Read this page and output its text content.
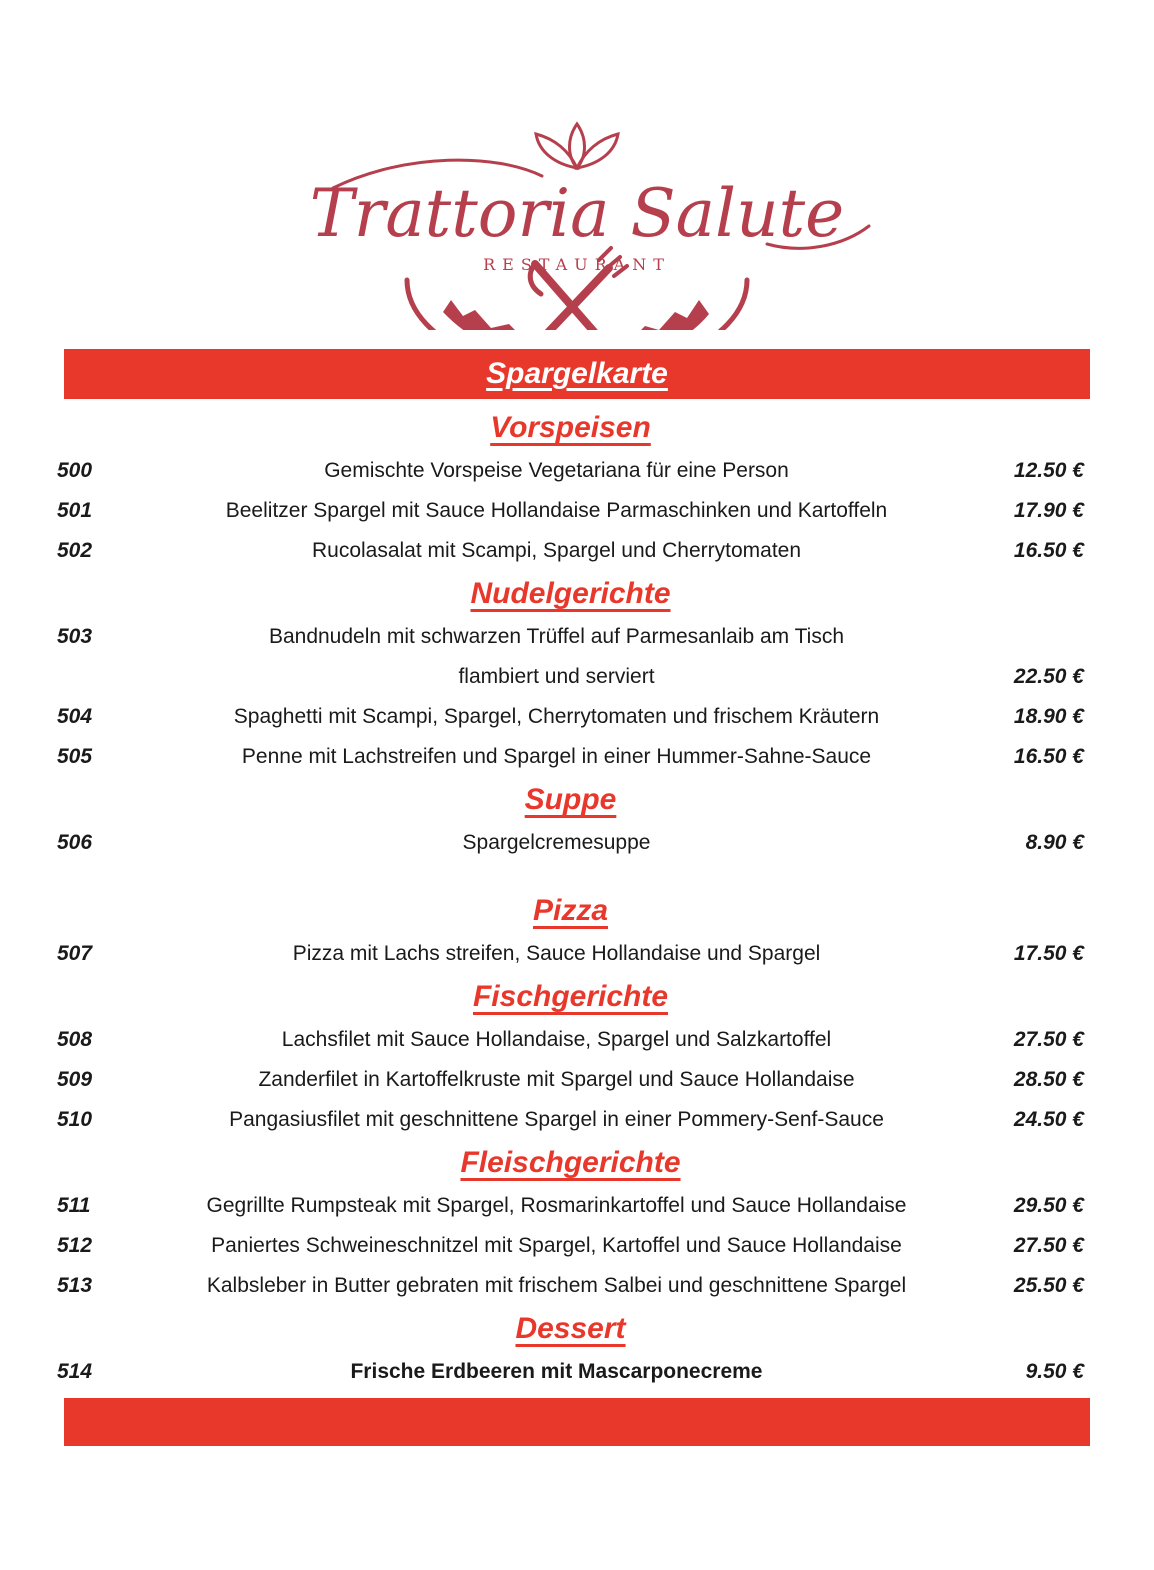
Trattoria Salute
RESTAURANT
Spargelkarte
Vorspeisen
500	Gemischte Vorspeise Vegetariana für eine Person	12.50 €
501	Beelitzer Spargel mit Sauce Hollandaise Parmaschinken und Kartoffeln	17.90 €
502	Rucolasalat mit Scampi, Spargel und Cherrytomaten	16.50 €
Nudelgerichte
503	Bandnudeln mit schwarzen Trüffel auf Parmesanlaib am Tisch
flambiert und serviert	22.50 €
504	Spaghetti mit Scampi, Spargel, Cherrytomaten und frischem Kräutern	18.90 €
505	Penne mit Lachstreifen und Spargel in einer Hummer-Sahne-Sauce	16.50 €
Suppe
506	Spargelcremesuppe	8.90 €
Pizza
507	Pizza mit Lachs streifen, Sauce Hollandaise und Spargel	17.50 €
Fischgerichte
508	Lachsfilet mit Sauce Hollandaise, Spargel und Salzkartoffel	27.50 €
509	Zanderfilet in Kartoffelkruste mit Spargel und Sauce Hollandaise	28.50 €
510	Pangasiusfilet mit geschnittene Spargel in einer Pommery-Senf-Sauce	24.50 €
Fleischgerichte
511	Gegrillte Rumpsteak mit Spargel, Rosmarinkartoffel und Sauce Hollandaise	29.50 €
512	Paniertes Schweineschnitzel mit Spargel, Kartoffel und Sauce Hollandaise	27.50 €
513	Kalbsleber in Butter gebraten mit frischem Salbei und geschnittene Spargel	25.50 €
Dessert
514	Frische Erdbeeren mit Mascarponecreme	9.50 €
